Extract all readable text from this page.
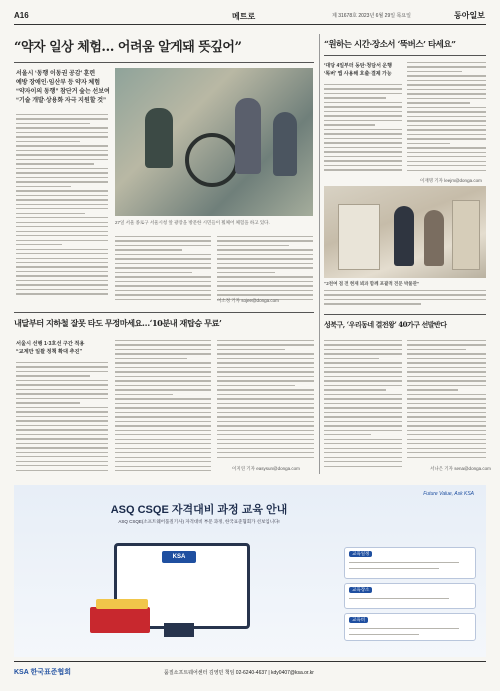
A16	메트로	제 31678호 2023년 6월 29일 목요일	동아일보
“약자 일상 체험… 어려움 알게돼 뜻깊어”
서울시 ‘동행 이동권 공감’ 훈련
예방 장애인·임산부 등 약자 체험
“약자이의 동행” 참단거 숲는 선보여
“기술 개발·상용화 자극 지원할 것”
27일 서울 종로구 서울시청 앞 광장을 방문한 시민들이 휠체어 체험을 하고 있다.
이소정 기자 sojee@donga.com
“원하는 시간·장소서 ‘뚝버스’ 타세요”
‘대당 4일부터 동탄·청담서 운행
‘똑버’ 앱 사용해 호출·결제 가능
이재명 기자 leejm@donga.com
“2천여 점 전 현재 뵈과 함께 포괄적 전문 박물관”
성북구, ‘우리동네 결전왕’ 40가구 선발반다
서나은 기자 sena@donga.com
내달부터 지하철 잘못 타도 무정마세요…‘10분내 재탑승 무료’
서울시 선행 1·3호선 구간 적용
“교계만 일괄 정책 확대 추진”
이지연 기자 easysun@donga.com
Future Value, Ask KSA
ASQ CSQE 자격대비 과정 교육 안내
ASQ CSQE(소프트웨어품질기사) 자격대비 부문 과정, 한국표준협회가 선보입니다!
KSA
교육일정
교육장소
교육비
KSA 한국표준협회	품질소프트웨어센터 김영민 책임 02-6240-4637 | kdy0407@ksa.or.kr
